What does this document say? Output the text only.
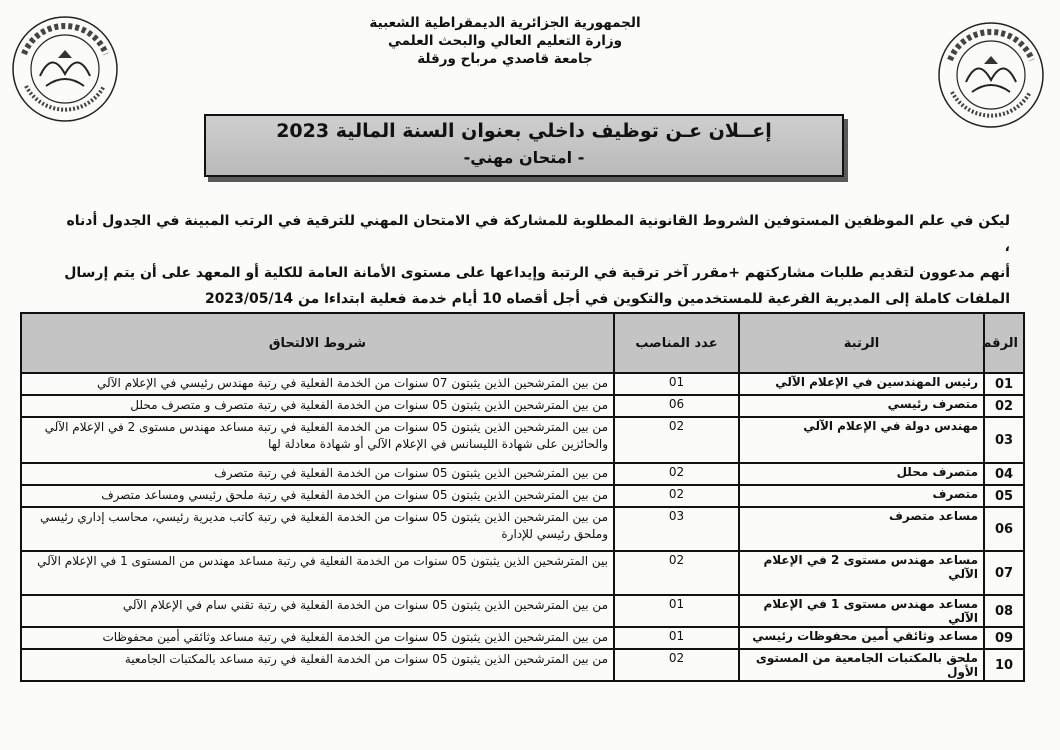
الجمهورية الجزائرية الديمقراطية الشعبية
وزارة التعليم العالي والبحث العلمي
جامعة قاصدي مرباح ورقلة
إعــلان عـن توظيف داخلي بعنوان السنة المالية 2023
- امتحان مهني-
ليكن في علم الموظفين المستوفين الشروط القانونية المطلوبة للمشاركة في الامتحان المهني للترقية في الرتب المبينة في الجدول أدناه ،
أنهم مدعوون لتقديم طلبات مشاركتهم +مقرر آخر ترقية في الرتبة وإيداعها على مستوى الأمانة العامة للكلية أو المعهد على أن يتم إرسال
الملفات كاملة إلى المديرية الفرعية للمستخدمين والتكوين في أجل أقصاه 10 أيام خدمة فعلية ابتداءا من 2023/05/14
الرقم	الرتبة	عدد المناصب	شروط الالتحاق
01	رئيس المهندسين في الإعلام الآلي	01	من بين المترشحين الذين يثبتون 07 سنوات من الخدمة الفعلية في رتبة مهندس رئيسي في الإعلام الآلي
02	متصرف رئيسي	06	من بين المترشحين الذين يثبتون 05 سنوات من الخدمة الفعلية في رتبة متصرف و متصرف محلل
03	مهندس دولة في الإعلام الآلي	02	من بين المترشحين الذين يثبتون 05 سنوات من الخدمة الفعلية في رتبة مساعد مهندس مستوى 2 في الإعلام الآلي والحائزين على شهادة الليسانس في الإعلام الآلي أو شهادة معادلة لها
04	متصرف محلل	02	من بين المترشحين الذين يثبتون 05 سنوات من الخدمة الفعلية في رتبة متصرف
05	متصرف	02	من بين المترشحين الذين يثبتون 05 سنوات من الخدمة الفعلية في رتبة ملحق رئيسي ومساعد متصرف
06	مساعد متصرف	03	من بين المترشحين الذين يثبتون 05 سنوات من الخدمة الفعلية في رتبة كاتب مديرية رئيسي، محاسب إداري رئيسي وملحق رئيسي للإدارة
07	مساعد مهندس مستوى 2 في الإعلام الآلي	02	بين المترشحين الذين يثبتون 05 سنوات من الخدمة الفعلية في رتبة مساعد مهندس من المستوى 1 في الإعلام الآلي
08	مساعد مهندس مستوى 1 في الإعلام الآلي	01	من بين المترشحين الذين يثبتون 05 سنوات من الخدمة الفعلية في رتبة تقني سام في الإعلام الآلي
09	مساعد وثائقي أمين محفوظات رئيسي	01	من بين المترشحين الذين يثبتون 05 سنوات من الخدمة الفعلية في رتبة مساعد وثائقي أمين محفوظات
10	ملحق بالمكتبات الجامعية من المستوى الأول	02	من بين المترشحين الذين يثبتون 05 سنوات من الخدمة الفعلية في رتبة مساعد بالمكتبات الجامعية
